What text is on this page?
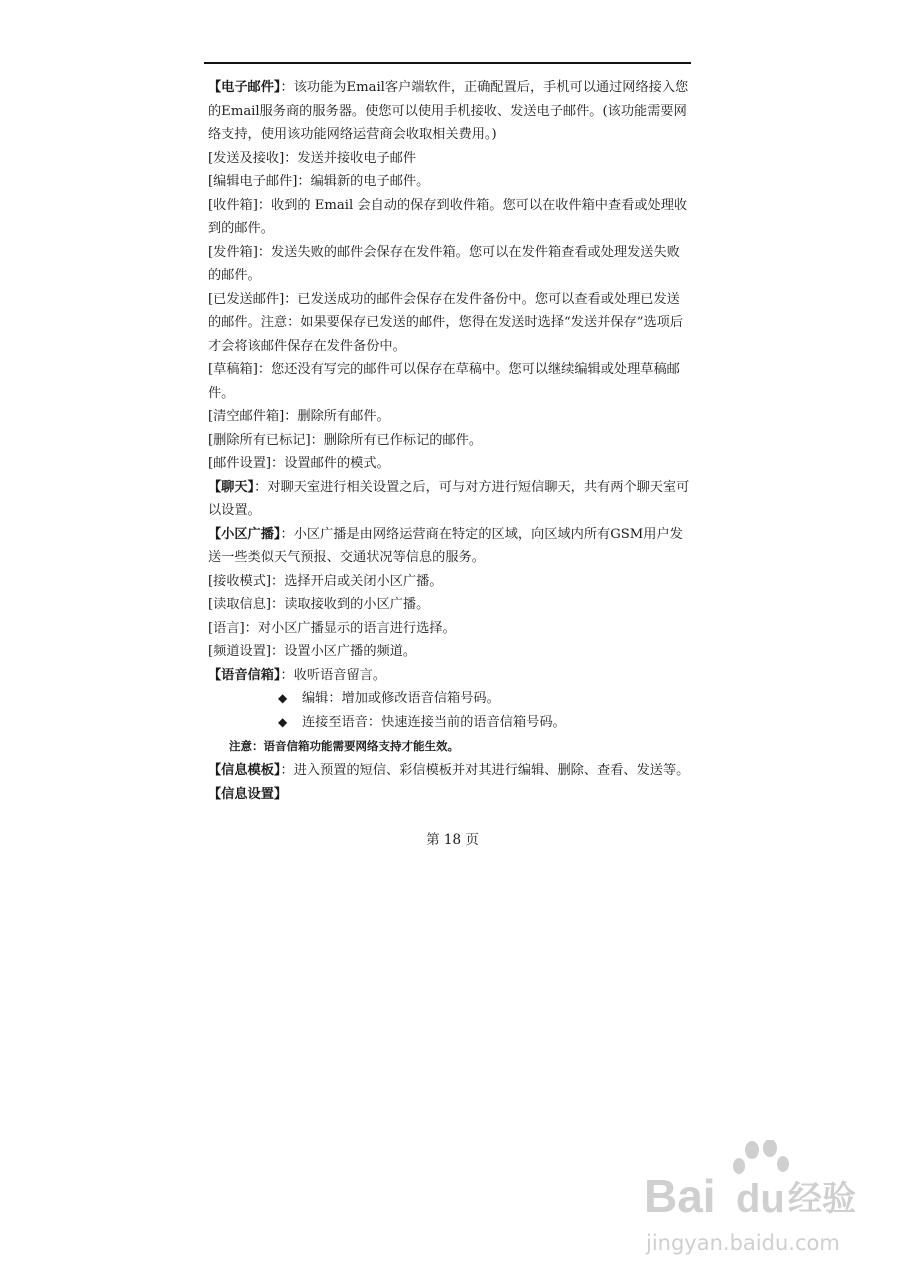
【电子邮件】：该功能为Email客户端软件，正确配置后，手机可以通过网络接入您的Email服务商的服务器。使您可以使用手机接收、发送电子邮件。(该功能需要网络支持，使用该功能网络运营商会收取相关费用。)
[发送及接收]：发送并接收电子邮件
[编辑电子邮件]：编辑新的电子邮件。
[收件箱]：收到的 Email 会自动的保存到收件箱。您可以在收件箱中查看或处理收到的邮件。
[发件箱]：发送失败的邮件会保存在发件箱。您可以在发件箱查看或处理发送失败的邮件。
[已发送邮件]：已发送成功的邮件会保存在发件备份中。您可以查看或处理已发送的邮件。注意：如果要保存已发送的邮件，您得在发送时选择“发送并保存”选项后才会将该邮件保存在发件备份中。
[草稿箱]：您还没有写完的邮件可以保存在草稿中。您可以继续编辑或处理草稿邮件。
[清空邮件箱]：删除所有邮件。
[删除所有已标记]：删除所有已作标记的邮件。
[邮件设置]：设置邮件的模式。
【聊天】：对聊天室进行相关设置之后，可与对方进行短信聊天，共有两个聊天室可以设置。
【小区广播】：小区广播是由网络运营商在特定的区域，向区域内所有GSM用户发送一些类似天气预报、交通状况等信息的服务。
[接收模式]：选择开启或关闭小区广播。
[读取信息]：读取接收到的小区广播。
[语言]：对小区广播显示的语言进行选择。
[频道设置]：设置小区广播的频道。
【语音信箱】：收听语音留言。
◆ 编辑：增加或修改语音信箱号码。
◆ 连接至语音：快速连接当前的语音信箱号码。
注意：语音信箱功能需要网络支持才能生效。
【信息模板】：进入预置的短信、彩信模板并对其进行编辑、删除、查看、发送等。
【信息设置】
第 18 页
Bai du 经验
jingyan.baidu.com
